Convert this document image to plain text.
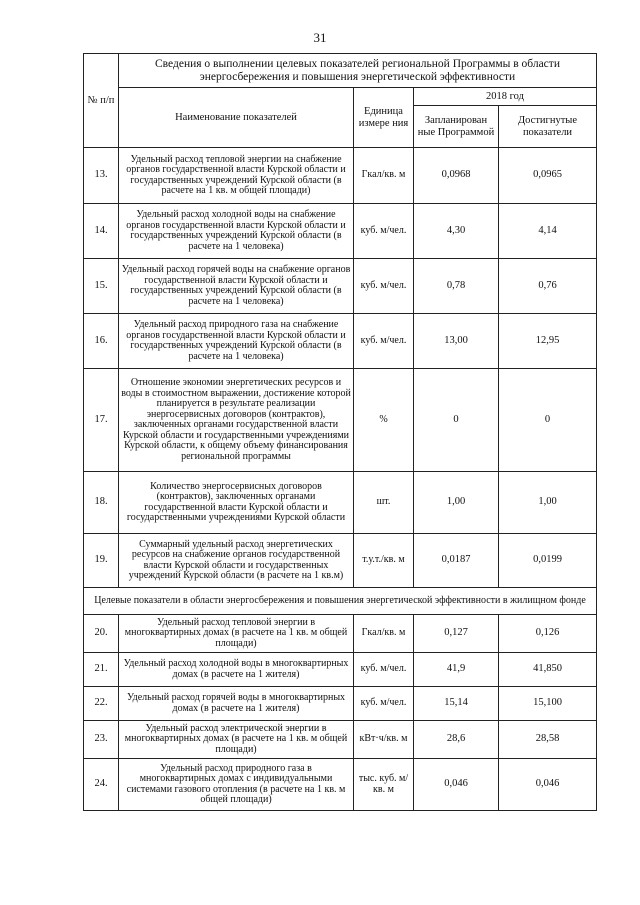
31
№ п/п	Сведения о выполнении целевых показателей региональной Программы в области энергосбережения и повышения энергетической эффективности			
	Наименование показателей	Единица измере ния	2018 год	
			Запланирован ные Программой	Достигнутые показатели
13.	Удельный расход тепловой энергии на снабжение органов государственной власти Курской области и государственных учреждений Курской области (в расчете на 1 кв. м общей площади)	Гкал/кв. м	0,0968	0,0965
14.	Удельный расход холодной воды на снабжение органов государственной власти Курской области и государственных учреждений Курской области (в расчете на 1 человека)	куб. м/чел.	4,30	4,14
15.	Удельный расход горячей воды на снабжение органов государственной власти Курской области и государственных учреждений Курской области (в расчете на 1 человека)	куб. м/чел.	0,78	0,76
16.	Удельный расход природного газа на снабжение органов государственной власти Курской области и государственных учреждений Курской области (в расчете на 1 человека)	куб. м/чел.	13,00	12,95
17.	Отношение экономии энергетических ресурсов и воды в стоимостном выражении, достижение которой планируется в результате реализации энергосервисных договоров (контрактов), заключенных органами государственной власти Курской области и государственными учреждениями Курской области, к общему объему финансирования региональной программы	%	0	0
18.	Количество энергосервисных договоров (контрактов), заключенных органами государственной власти Курской области и государственными учреждениями Курской области	шт.	1,00	1,00
19.	Суммарный удельный расход энергетических ресурсов на снабжение органов государственной власти Курской области и государственных учреждений Курской области (в расчете на 1 кв.м)	т.у.т./кв. м	0,0187	0,0199
Целевые показатели в области энергосбережения и повышения энергетической эффективности в жилищном фонде				
20.	Удельный расход тепловой энергии в многоквартирных домах (в расчете на 1 кв. м общей площади)	Гкал/кв. м	0,127	0,126
21.	Удельный расход холодной воды в многоквартирных домах (в расчете на 1 жителя)	куб. м/чел.	41,9	41,850
22.	Удельный расход горячей воды в многоквартирных домах (в расчете на 1 жителя)	куб. м/чел.	15,14	15,100
23.	Удельный расход электрической энергии в многоквартирных домах (в расчете на 1 кв. м общей площади)	кВт·ч/кв. м	28,6	28,58
24.	Удельный расход природного газа в многоквартирных домах с индивидуальными системами газового отопления (в расчете на 1 кв. м общей площади)	тыс. куб. м/кв. м	0,046	0,046
